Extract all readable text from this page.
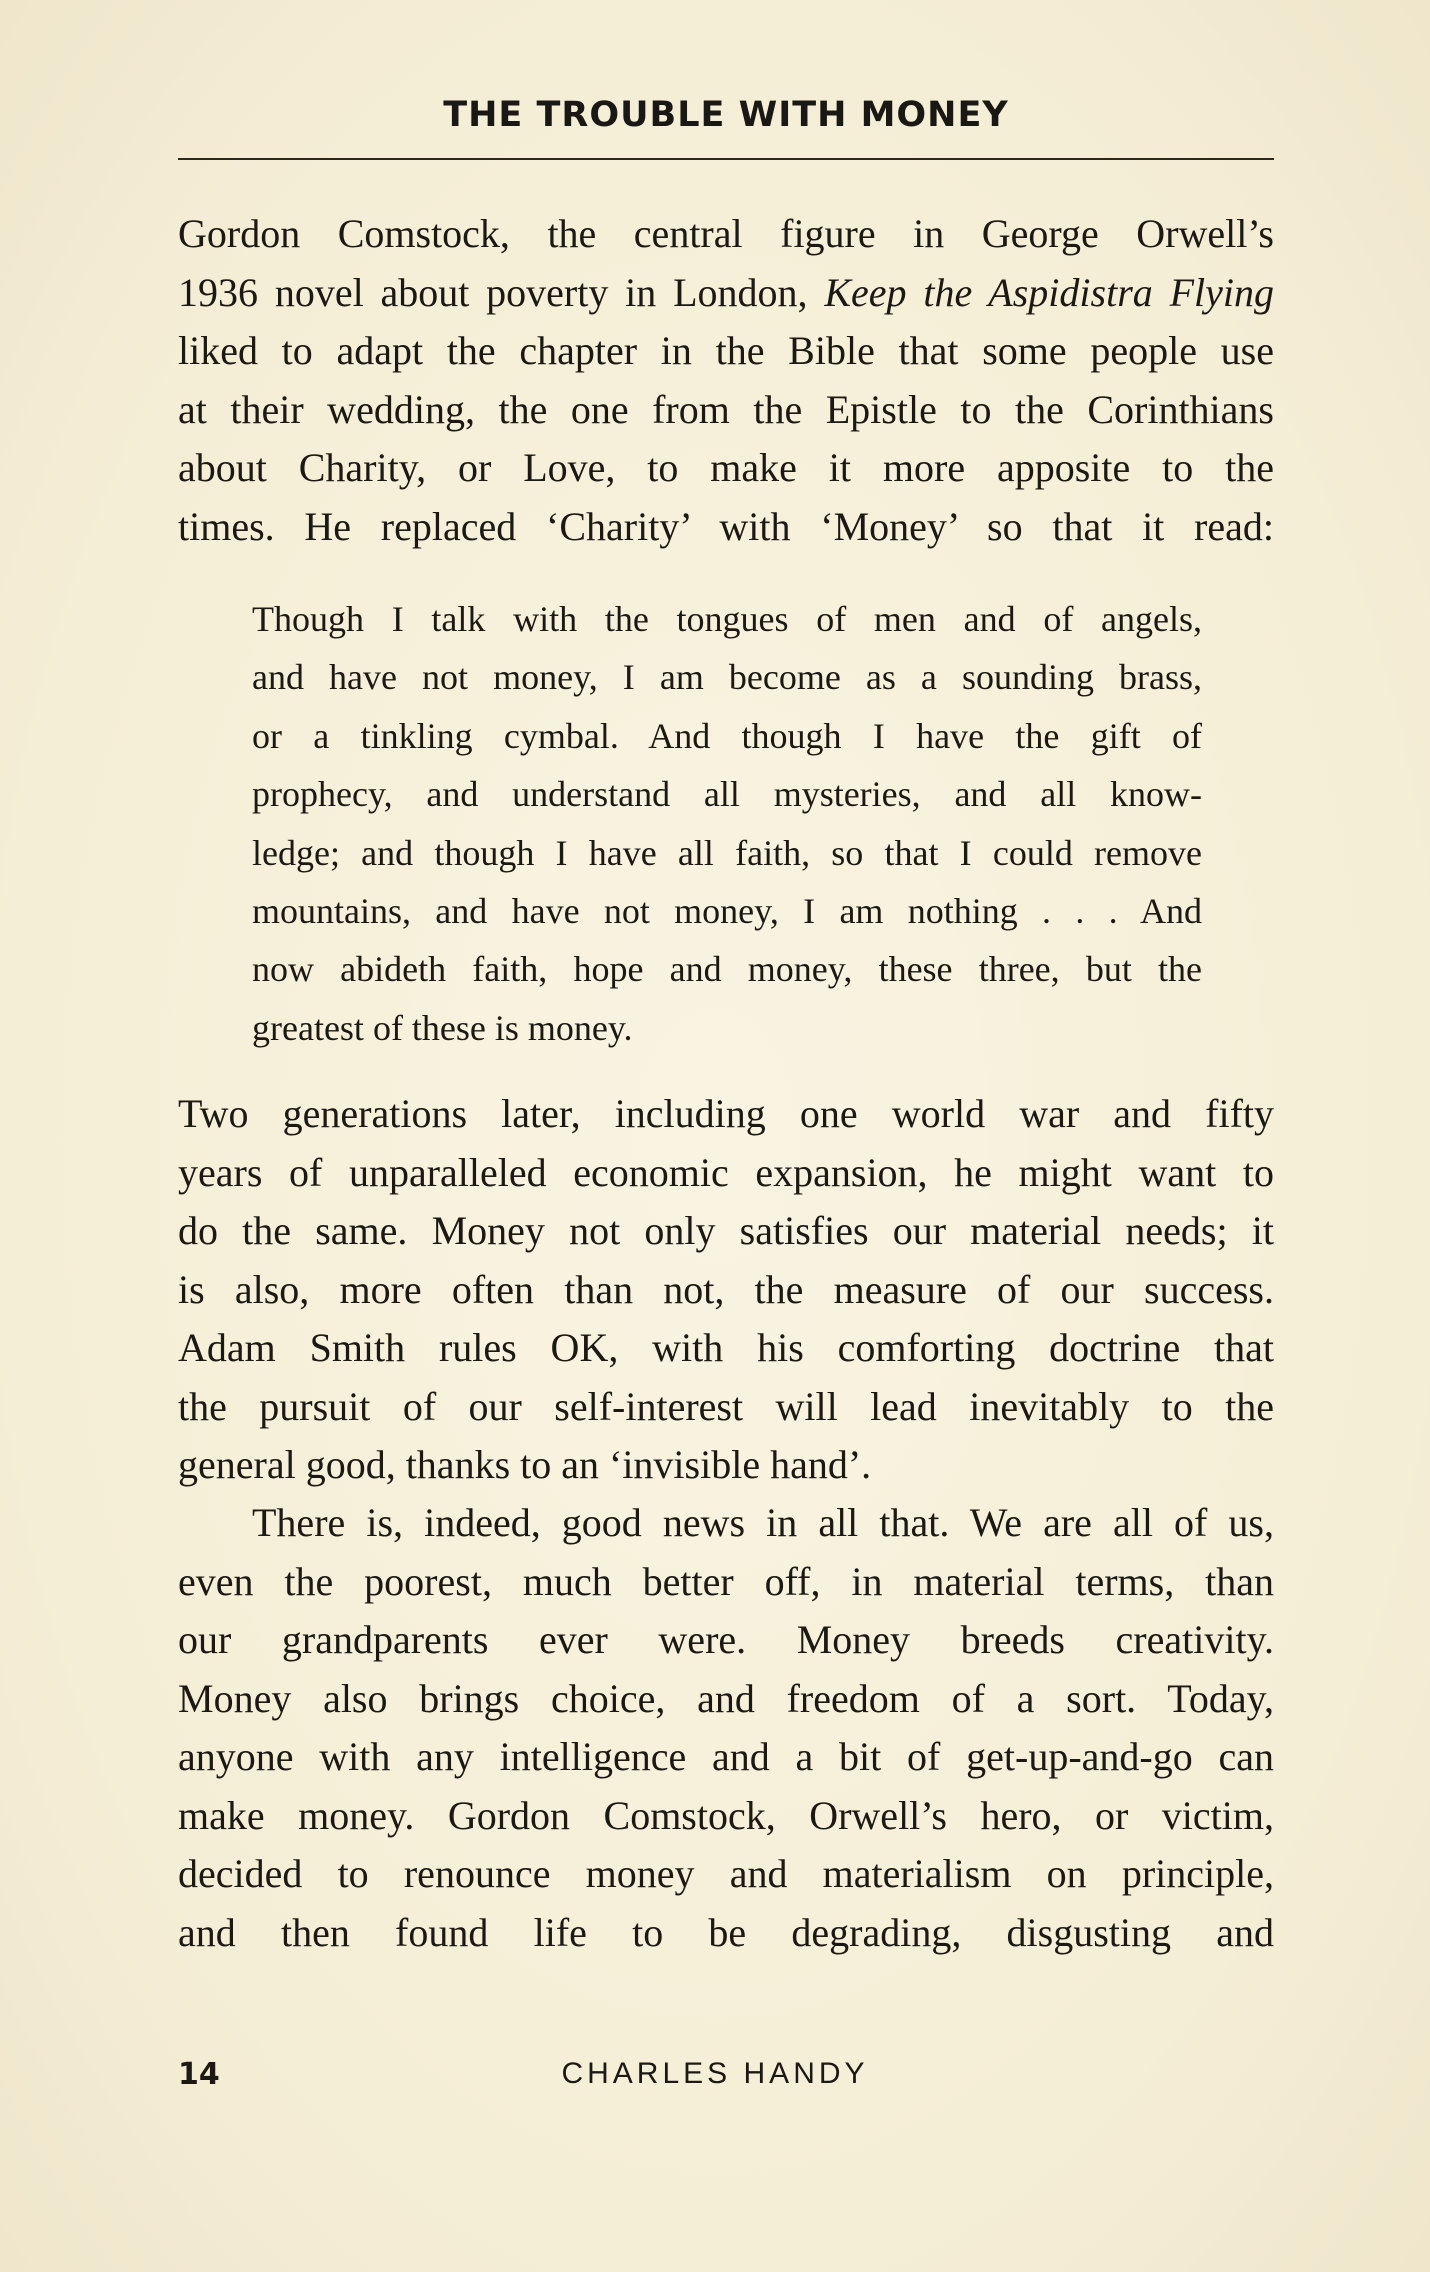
THE TROUBLE WITH MONEY
Gordon Comstock, the central figure in George Orwell’s
1936 novel about poverty in London, Keep the Aspidistra Flying
liked to adapt the chapter in the Bible that some people use
at their wedding, the one from the Epistle to the Corinthians
about Charity, or Love, to make it more apposite to the
times. He replaced ‘Charity’ with ‘Money’ so that it read:
Though I talk with the tongues of men and of angels,
and have not money, I am become as a sounding brass,
or a tinkling cymbal. And though I have the gift of
prophecy, and understand all mysteries, and all know-
ledge; and though I have all faith, so that I could remove
mountains, and have not money, I am nothing . . . And
now abideth faith, hope and money, these three, but the
greatest of these is money.
Two generations later, including one world war and fifty
years of unparalleled economic expansion, he might want to
do the same. Money not only satisfies our material needs; it
is also, more often than not, the measure of our success.
Adam Smith rules OK, with his comforting doctrine that
the pursuit of our self-interest will lead inevitably to the
general good, thanks to an ‘invisible hand’.
There is, indeed, good news in all that. We are all of us,
even the poorest, much better off, in material terms, than
our grandparents ever were. Money breeds creativity.
Money also brings choice, and freedom of a sort. Today,
anyone with any intelligence and a bit of get-up-and-go can
make money. Gordon Comstock, Orwell’s hero, or victim,
decided to renounce money and materialism on principle,
and then found life to be degrading, disgusting and
14	CHARLES HANDY
